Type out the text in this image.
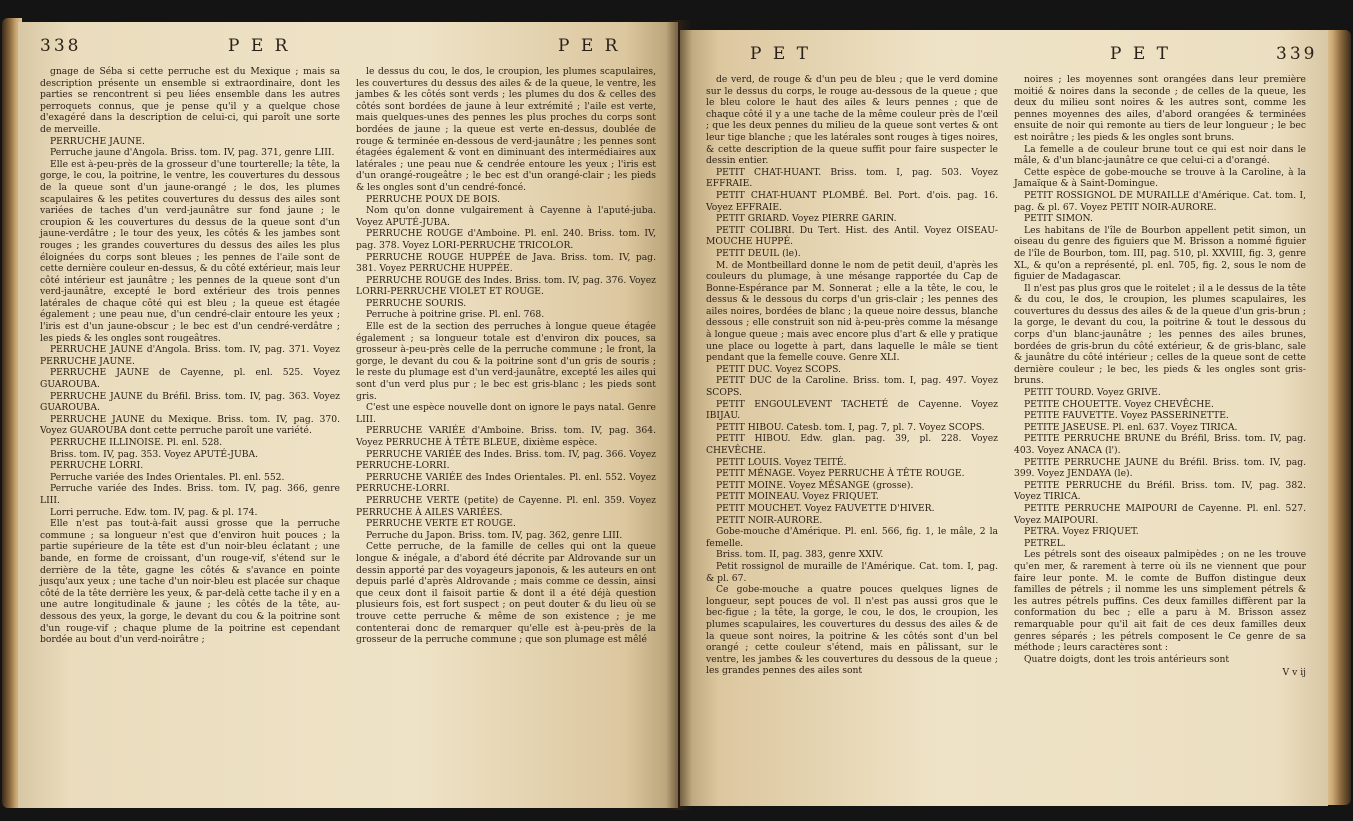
338	P E R	P E R

gnage de Séba si cette perruche est du Mexique ; mais sa description présente un ensemble si extraordinaire, dont les parties se rencontrent si peu liées ensemble dans les autres perroquets connus, que je pense qu'il y a quelque chose d'exagéré dans la description de celui-ci, qui paroît une sorte de merveille.

PERRUCHE JAUNE.

Perruche jaune d'Angola. Briss. tom. IV, pag. 371, genre LIII.

Elle est à-peu-près de la grosseur d'une tourterelle; la tête, la gorge, le cou, la poitrine, le ventre, les couvertures du dessous de la queue sont d'un jaune-orangé ; le dos, les plumes scapulaires & les petites couvertures du dessus des ailes sont variées de taches d'un verd-jaunâtre sur fond jaune ; le croupion & les couvertures du dessus de la queue sont d'un jaune-verdâtre ; le tour des yeux, les côtés & les jambes sont rouges ; les grandes couvertures du dessus des ailes les plus éloignées du corps sont bleues ; les pennes de l'aile sont de cette dernière couleur en-dessus, & du côté extérieur, mais leur côté intérieur est jaunâtre ; les pennes de la queue sont d'un verd-jaunâtre, excepté le bord extérieur des trois pennes latérales de chaque côté qui est bleu ; la queue est étagée également ; une peau nue, d'un cendré-clair entoure les yeux ; l'iris est d'un jaune-obscur ; le bec est d'un cendré-verdâtre ; les pieds & les ongles sont rougeâtres.

PERRUCHE JAUNE d'Angola. Briss. tom. IV, pag. 371. Voyez PERRUCHE JAUNE.

PERRUCHE JAUNE de Cayenne, pl. enl. 525. Voyez GUAROUBA.

PERRUCHE JAUNE du Bréfil. Briss. tom. IV, pag. 363. Voyez GUAROUBA.

PERRUCHE JAUNE du Mexique. Briss. tom. IV, pag. 370. Voyez GUAROUBA dont cette perruche paroît une variété.

PERRUCHE ILLINOISE. Pl. enl. 528.

Briss. tom. IV, pag. 353. Voyez APUTÉ-JUBA.

PERRUCHE LORRI.

Perruche variée des Indes Orientales. Pl. enl. 552.

Perruche variée des Indes. Briss. tom. IV, pag. 366, genre LIII.

Lorri perruche. Edw. tom. IV, pag. & pl. 174.

Elle n'est pas tout-à-fait aussi grosse que la perruche commune ; sa longueur n'est que d'environ huit pouces ; la partie supérieure de la tête est d'un noir-bleu éclatant ; une bande, en forme de croissant, d'un rouge-vif, s'étend sur le derrière de la tête, gagne les côtés & s'avance en pointe jusqu'aux yeux ; une tache d'un noir-bleu est placée sur chaque côté de la tête derrière les yeux, & par-delà cette tache il y en a une autre longitudinale & jaune ; les côtés de la tête, au-dessous des yeux, la gorge, le devant du cou & la poitrine sont d'un rouge-vif ; chaque plume de la poitrine est cependant bordée au bout d'un verd-noirâtre ;

le dessus du cou, le dos, le croupion, les plumes scapulaires, les couvertures du dessus des ailes & de la queue, le ventre, les jambes & les côtés sont verds ; les plumes du dos & celles des côtés sont bordées de jaune à leur extrémité ; l'aile est verte, mais quelques-unes des pennes les plus proches du corps sont bordées de jaune ; la queue est verte en-dessus, doublée de rouge & terminée en-dessous de verd-jaunâtre ; les pennes sont étagées également & vont en diminuant des intermédiaires aux latérales ; une peau nue & cendrée entoure les yeux ; l'iris est d'un orangé-rougeâtre ; le bec est d'un orangé-clair ; les pieds & les ongles sont d'un cendré-foncé.

PERRUCHE POUX DE BOIS.

Nom qu'on donne vulgairement à Cayenne à l'aputé-juba. Voyez APUTÉ-JUBA.

PERRUCHE ROUGE d'Amboine. Pl. enl. 240. Briss. tom. IV, pag. 378. Voyez LORI-PERRUCHE TRICOLOR.

PERRUCHE ROUGE HUPPÉE de Java. Briss. tom. IV, pag. 381. Voyez PERRUCHE HUPPÉE.

PERRUCHE ROUGE des Indes. Briss. tom. IV, pag. 376. Voyez LORRI-PERRUCHE VIOLET ET ROUGE.

PERRUCHE SOURIS.

Perruche à poitrine grise. Pl. enl. 768.

Elle est de la section des perruches à longue queue étagée également ; sa longueur totale est d'environ dix pouces, sa grosseur à-peu-près celle de la perruche commune ; le front, la gorge, le devant du cou & la poitrine sont d'un gris de souris ; le reste du plumage est d'un verd-jaunâtre, excepté les ailes qui sont d'un verd plus pur ; le bec est gris-blanc ; les pieds sont gris.

C'est une espèce nouvelle dont on ignore le pays natal. Genre LIII.

PERRUCHE VARIÉE d'Amboine. Briss. tom. IV, pag. 364. Voyez PERRUCHE À TÊTE BLEUE, dixième espèce.

PERRUCHE VARIÉE des Indes. Briss. tom. IV, pag. 366. Voyez PERRUCHE-LORRI.

PERRUCHE VARIÉE des Indes Orientales. Pl. enl. 552. Voyez PERRUCHE-LORRI.

PERRUCHE VERTE (petite) de Cayenne. Pl. enl. 359. Voyez PERRUCHE À AILES VARIÉES.

PERRUCHE VERTE ET ROUGE.

Perruche du Japon. Briss. tom. IV, pag. 362, genre LIII.

Cette perruche, de la famille de celles qui ont la queue longue & inégale, a d'abord été décrite par Aldrovande sur un dessin apporté par des voyageurs japonois, & les auteurs en ont depuis parlé d'après Aldrovande ; mais comme ce dessin, ainsi que ceux dont il faisoit partie & dont il a été déjà question plusieurs fois, est fort suspect ; on peut douter & du lieu où se trouve cette perruche & même de son existence ; je me contenterai donc de remarquer qu'elle est à-peu-près de la grosseur de la perruche commune ; que son plumage est mêlé

P E T	P E T	339

de verd, de rouge & d'un peu de bleu ; que le verd domine sur le dessus du corps, le rouge au-dessous de la queue ; que le bleu colore le haut des ailes & leurs pennes ; que de chaque côté il y a une tache de la même couleur près de l'œil ; que les deux pennes du milieu de la queue sont vertes & ont leur tige blanche ; que les latérales sont rouges à tiges noires, & cette description de la queue suffit pour faire suspecter le dessin entier.

PETIT CHAT-HUANT. Briss. tom. I, pag. 503. Voyez EFFRAIE.

PETIT CHAT-HUANT PLOMBÉ. Bel. Port. d'ois. pag. 16. Voyez EFFRAIE.

PETIT GRIARD. Voyez PIERRE GARIN.

PETIT COLIBRI. Du Tert. Hist. des Antil. Voyez OISEAU-MOUCHE HUPPÉ.

PETIT DEUIL (le).

M. de Montbeillard donne le nom de petit deuil, d'après les couleurs du plumage, à une mésange rapportée du Cap de Bonne-Espérance par M. Sonnerat ; elle a la tête, le cou, le dessus & le dessous du corps d'un gris-clair ; les pennes des ailes noires, bordées de blanc ; la queue noire dessus, blanche dessous ; elle construit son nid à-peu-près comme la mésange à longue queue ; mais avec encore plus d'art & elle y pratique une place ou logette à part, dans laquelle le mâle se tient pendant que la femelle couve. Genre XLI.

PETIT DUC. Voyez SCOPS.

PETIT DUC de la Caroline. Briss. tom. I, pag. 497. Voyez SCOPS.

PETIT ENGOULEVENT TACHETÉ de Cayenne. Voyez IBIJAU.

PETIT HIBOU. Catesb. tom. I, pag. 7, pl. 7. Voyez SCOPS.

PETIT HIBOU. Edw. glan. pag. 39, pl. 228. Voyez CHEVÊCHE.

PETIT LOUIS. Voyez TEITÉ.

PETIT MÉNAGE. Voyez PERRUCHE À TÊTE ROUGE.

PETIT MOINE. Voyez MÉSANGE (grosse).

PETIT MOINEAU. Voyez FRIQUET.

PETIT MOUCHET. Voyez FAUVETTE D'HIVER.

PETIT NOIR-AURORE.

Gobe-mouche d'Amérique. Pl. enl. 566, fig. 1, le mâle, 2 la femelle.

Briss. tom. II, pag. 383, genre XXIV.

Petit rossignol de muraille de l'Amérique. Cat. tom. I, pag. & pl. 67.

Ce gobe-mouche a quatre pouces quelques lignes de longueur, sept pouces de vol. Il n'est pas aussi gros que le bec-figue ; la tête, la gorge, le cou, le dos, le croupion, les plumes scapulaires, les couvertures du dessus des ailes & de la queue sont noires, la poitrine & les côtés sont d'un bel orangé ; cette couleur s'étend, mais en pâlissant, sur le ventre, les jambes & les couvertures du dessous de la queue ; les grandes pennes des ailes sont

noires ; les moyennes sont orangées dans leur première moitié & noires dans la seconde ; de celles de la queue, les deux du milieu sont noires & les autres sont, comme les pennes moyennes des ailes, d'abord orangées & terminées ensuite de noir qui remonte au tiers de leur longueur ; le bec est noirâtre ; les pieds & les ongles sont bruns.

La femelle a de couleur brune tout ce qui est noir dans le mâle, & d'un blanc-jaunâtre ce que celui-ci a d'orangé.

Cette espèce de gobe-mouche se trouve à la Caroline, à la Jamaïque & à Saint-Domingue.

PETIT ROSSIGNOL DE MURAILLE d'Amérique. Cat. tom. I, pag. & pl. 67. Voyez PETIT NOIR-AURORE.

PETIT SIMON.

Les habitans de l'île de Bourbon appellent petit simon, un oiseau du genre des figuiers que M. Brisson a nommé figuier de l'île de Bourbon, tom. III, pag. 510, pl. XXVIII, fig. 3, genre XL, & qu'on a représenté, pl. enl. 705, fig. 2, sous le nom de figuier de Madagascar.

Il n'est pas plus gros que le roitelet ; il a le dessus de la tête & du cou, le dos, le croupion, les plumes scapulaires, les couvertures du dessus des ailes & de la queue d'un gris-brun ; la gorge, le devant du cou, la poitrine & tout le dessous du corps d'un blanc-jaunâtre ; les pennes des ailes brunes, bordées de gris-brun du côté extérieur, & de gris-blanc, sale & jaunâtre du côté intérieur ; celles de la queue sont de cette dernière couleur ; le bec, les pieds & les ongles sont gris-bruns.

PETIT TOURD. Voyez GRIVE.

PETITE CHOUETTE. Voyez CHEVÊCHE.

PETITE FAUVETTE. Voyez PASSERINETTE.

PETITE JASEUSE. Pl. enl. 637. Voyez TIRICA.

PETITE PERRUCHE BRUNE du Bréfil, Briss. tom. IV, pag. 403. Voyez ANACA (l').

PETITE PERRUCHE JAUNE du Bréfil. Briss. tom. IV, pag. 399. Voyez JENDAYA (le).

PETITE PERRUCHE du Bréfil. Briss. tom. IV, pag. 382. Voyez TIRICA.

PETITE PERRUCHE MAIPOURI de Cayenne. Pl. enl. 527. Voyez MAIPOURI.

PETRA. Voyez FRIQUET.

PETREL.

Les pétrels sont des oiseaux palmipèdes ; on ne les trouve qu'en mer, & rarement à terre où ils ne viennent que pour faire leur ponte. M. le comte de Buffon distingue deux familles de pétrels ; il nomme les uns simplement pétrels & les autres pétrels puffins. Ces deux familles diffèrent par la conformation du bec ; elle a paru à M. Brisson assez remarquable pour qu'il ait fait de ces deux familles deux genres séparés ; les pétrels composent le Ce genre de sa méthode ; leurs caractères sont :

Quatre doigts, dont les trois antérieurs sont

V v ij
